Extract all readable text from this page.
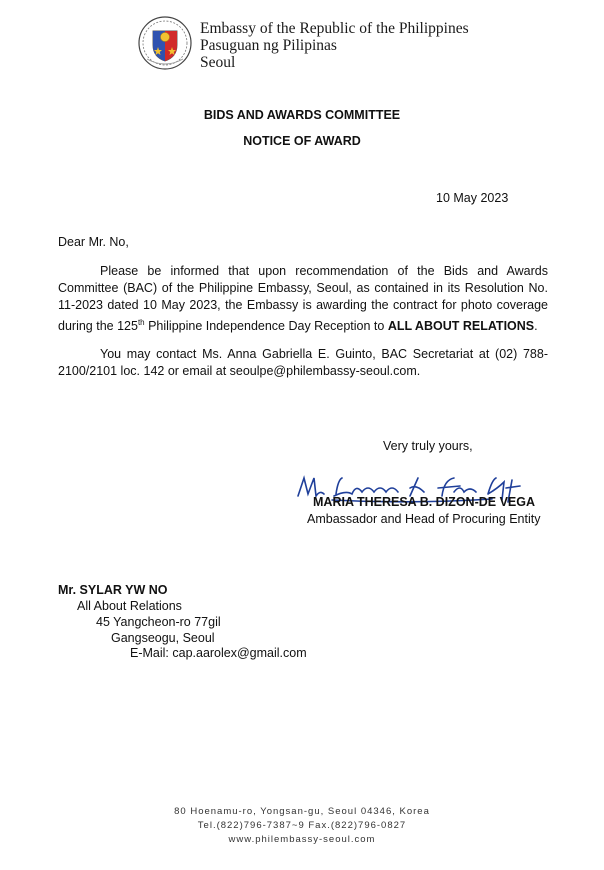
Embassy of the Republic of the Philippines
Pasuguan ng Pilipinas
Seoul
BIDS AND AWARDS COMMITTEE
NOTICE OF AWARD
10 May 2023
Dear Mr. No,
Please be informed that upon recommendation of the Bids and Awards Committee (BAC) of the Philippine Embassy, Seoul, as contained in its Resolution No. 11-2023 dated 10 May 2023, the Embassy is awarding the contract for photo coverage during the 125th Philippine Independence Day Reception to ALL ABOUT RELATIONS.
You may contact Ms. Anna Gabriella E. Guinto, BAC Secretariat at (02) 788-2100/2101 loc. 142 or email at seoulpe@philembassy-seoul.com.
Very truly yours,
MARIA THERESA B. DIZON-DE VEGA
Ambassador and Head of Procuring Entity
Mr. SYLAR YW NO
All About Relations
45 Yangcheon-ro 77gil
Gangseogu, Seoul
E-Mail: cap.aarolex@gmail.com
80 Hoenamu-ro, Yongsan-gu, Seoul 04346, Korea
Tel.(822)796-7387~9 Fax.(822)796-0827
www.philembassy-seoul.com
